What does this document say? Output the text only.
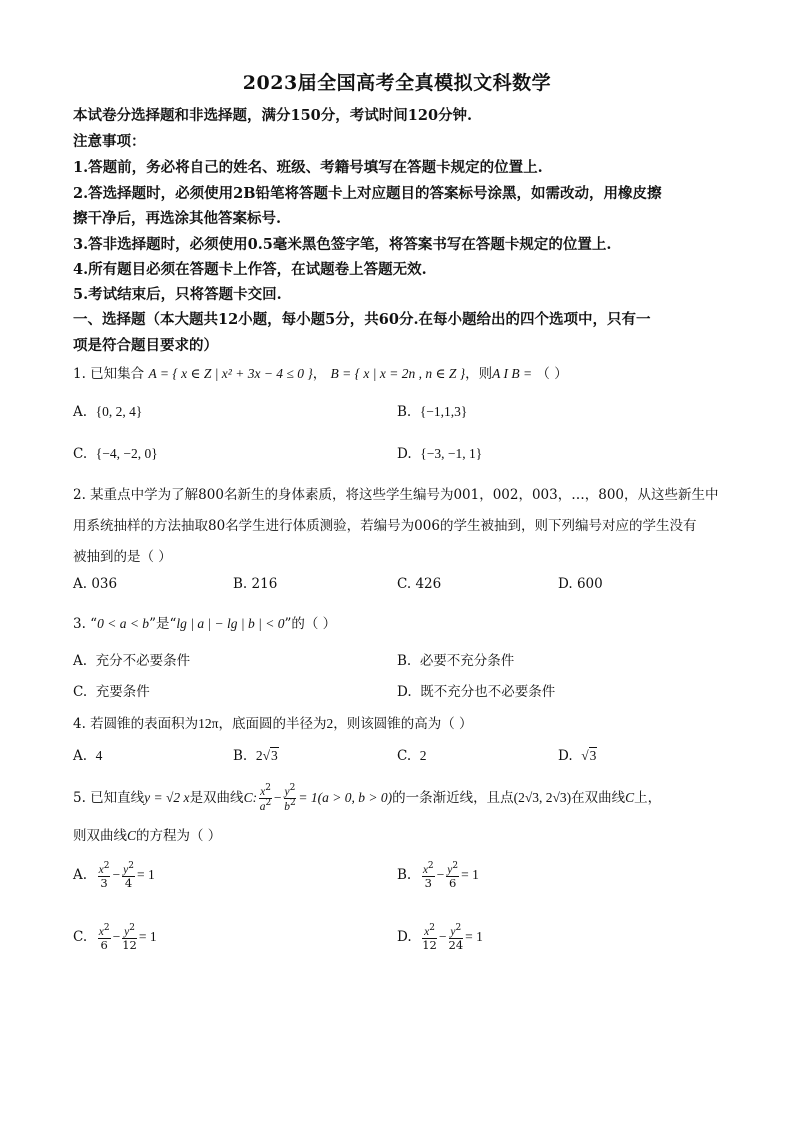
2023届全国高考全真模拟文科数学
本试卷分选择题和非选择题，满分150分，考试时间120分钟.
注意事项：
1.答题前，务必将自己的姓名、班级、考籍号填写在答题卡规定的位置上.
2.答选择题时，必须使用2B铅笔将答题卡上对应题目的答案标号涂黑，如需改动，用橡皮擦
擦干净后，再选涂其他答案标号.
3.答非选择题时，必须使用0.5毫米黑色签字笔，将答案书写在答题卡规定的位置上.
4.所有题目必须在答题卡上作答，在试题卷上答题无效.
5.考试结束后，只将答题卡交回.
一、选择题（本大题共12小题，每小题5分，共60分.在每小题给出的四个选项中，只有一
项是符合题目要求的）
1. 已知集合 A = { x ∈ Z | x² + 3x − 4 ≤ 0 }， B = { x | x = 2n , n ∈ Z }，则A I B = （ ）
A. {0, 2, 4}	B. {−1,1,3}
C. {−4, −2, 0}	D. {−3, −1, 1}
2. 某重点中学为了解800名新生的身体素质，将这些学生编号为001，002，003，…，800，从这些新生中
用系统抽样的方法抽取80名学生进行体质测验，若编号为006的学生被抽到，则下列编号对应的学生没有
被抽到的是（ ）
A. 036	B. 216	C. 426	D. 600
3. “0 < a < b”是“lg | a | − lg | b | < 0”的（ ）
A. 充分不必要条件	B. 必要不充分条件
C. 充要条件	D. 既不充分也不必要条件
4. 若圆锥的表面积为12π，底面圆的半径为2，则该圆锥的高为（ ）
A. 4	B. 2√3	C. 2	D. √3
5. 已知直线y = √2 x是双曲线C: $\frac{x^2}{a^2} - \frac{y^2}{b^2} = 1(a > 0$, b > 0)的一条渐近线，且点(2√3, 2√3)在双曲线C上，
则双曲线C的方程为（ ）
A. $\frac{x^2}{3} - \frac{y^2}{4} = 1$	B. $\frac{x^2}{3} - \frac{y^2}{6} = 1$
C. $\frac{x^2}{6} - \frac{y^2}{12} = 1$	D. $\frac{x^2}{12} - \frac{y^2}{24} = 1$
